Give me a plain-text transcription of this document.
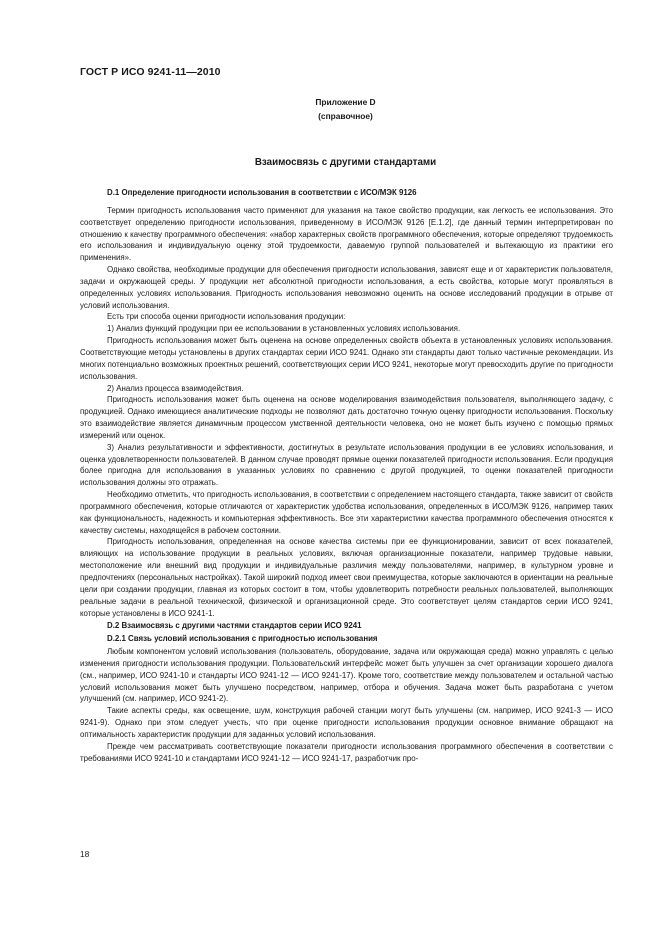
ГОСТ Р ИСО 9241-11—2010
Приложение D
(справочное)
Взаимосвязь с другими стандартами

D.1 Определение пригодности использования в соответствии с ИСО/МЭК 9126

Термин пригодность использования часто применяют для указания на такое свойство продукции, как легкость ее использования. Это соответствует определению пригодности использования, приведенному в ИСО/МЭК 9126 [Е.1.2], где данный термин интерпретирован по отношению к качеству программного обеспечения: «набор характерных свойств программного обеспечения, которые определяют трудоемкость его использования и индивидуальную оценку этой трудоемкости, даваемую группой пользователей и вытекающую из практики его применения».

Однако свойства, необходимые продукции для обеспечения пригодности использования, зависят еще и от характеристик пользователя, задачи и окружающей среды. У продукции нет абсолютной пригодности использования, а есть свойства, которые могут проявляться в определенных условиях использования. Пригодность использования невозможно оценить на основе исследований продукции в отрыве от условий использования.

Есть три способа оценки пригодности использования продукции:

1) Анализ функций продукции при ее использовании в установленных условиях использования.

Пригодность использования может быть оценена на основе определенных свойств объекта в установленных условиях использования. Соответствующие методы установлены в других стандартах серии ИСО 9241. Однако эти стандарты дают только частичные рекомендации. Из многих потенциально возможных проектных решений, соответствующих серии ИСО 9241, некоторые могут превосходить другие по пригодности использования.

2) Анализ процесса взаимодействия.

Пригодность использования может быть оценена на основе моделирования взаимодействия пользователя, выполняющего задачу, с продукцией. Однако имеющиеся аналитические подходы не позволяют дать достаточно точную оценку пригодности использования. Поскольку это взаимодействие является динамичным процессом умственной деятельности человека, оно не может быть изучено с помощью прямых измерений или оценок.

3) Анализ результативности и эффективности, достигнутых в результате использования продукции в ее условиях использования, и оценка удовлетворенности пользователей. В данном случае проводят прямые оценки показателей пригодности использования. Если продукция более пригодна для использования в указанных условиях по сравнению с другой продукцией, то оценки показателей пригодности использования должны это отражать.

Необходимо отметить, что пригодность использования, в соответствии с определением настоящего стандарта, также зависит от свойств программного обеспечения, которые отличаются от характеристик удобства использования, определенных в ИСО/МЭК 9126, например таких как функциональность, надежность и компьютерная эффективность. Все эти характеристики качества программного обеспечения относятся к качеству системы, находящейся в рабочем состоянии.

Пригодность использования, определенная на основе качества системы при ее функционировании, зависит от всех показателей, влияющих на использование продукции в реальных условиях, включая организационные показатели, например трудовые навыки, местоположение или внешний вид продукции и индивидуальные различия между пользователями, например, в культурном уровне и предпочтениях (персональных настройках). Такой широкий подход имеет свои преимущества, которые заключаются в ориентации на реальные цели при создании продукции, главная из которых состоит в том, чтобы удовлетворить потребности реальных пользователей, выполняющих реальные задачи в реальной технической, физической и организационной среде. Это соответствует целям стандартов серии ИСО 9241, которые установлены в ИСО 9241-1.

D.2 Взаимосвязь с другими частями стандартов серии ИСО 9241

D.2.1 Связь условий использования с пригодностью использования

Любым компонентом условий использования (пользователь, оборудование, задача или окружающая среда) можно управлять с целью изменения пригодности использования продукции. Пользовательский интерфейс может быть улучшен за счет организации хорошего диалога (см., например, ИСО 9241-10 и стандарты ИСО 9241-12 — ИСО 9241-17). Кроме того, соответствие между пользователем и остальной частью условий использования может быть улучшено посредством, например, отбора и обучения. Задача может быть разработана с учетом улучшений (см. например, ИСО 9241-2).

Такие аспекты среды, как освещение, шум, конструкция рабочей станции могут быть улучшены (см. например, ИСО 9241-3 — ИСО 9241-9). Однако при этом следует учесть, что при оценке пригодности использования продукции основное внимание обращают на оптимальность характеристик продукции для заданных условий использования.

Прежде чем рассматривать соответствующие показатели пригодности использования программного обеспечения в соответствии с требованиями ИСО 9241-10 и стандартами ИСО 9241-12 — ИСО 9241-17, разработчик про-

18
